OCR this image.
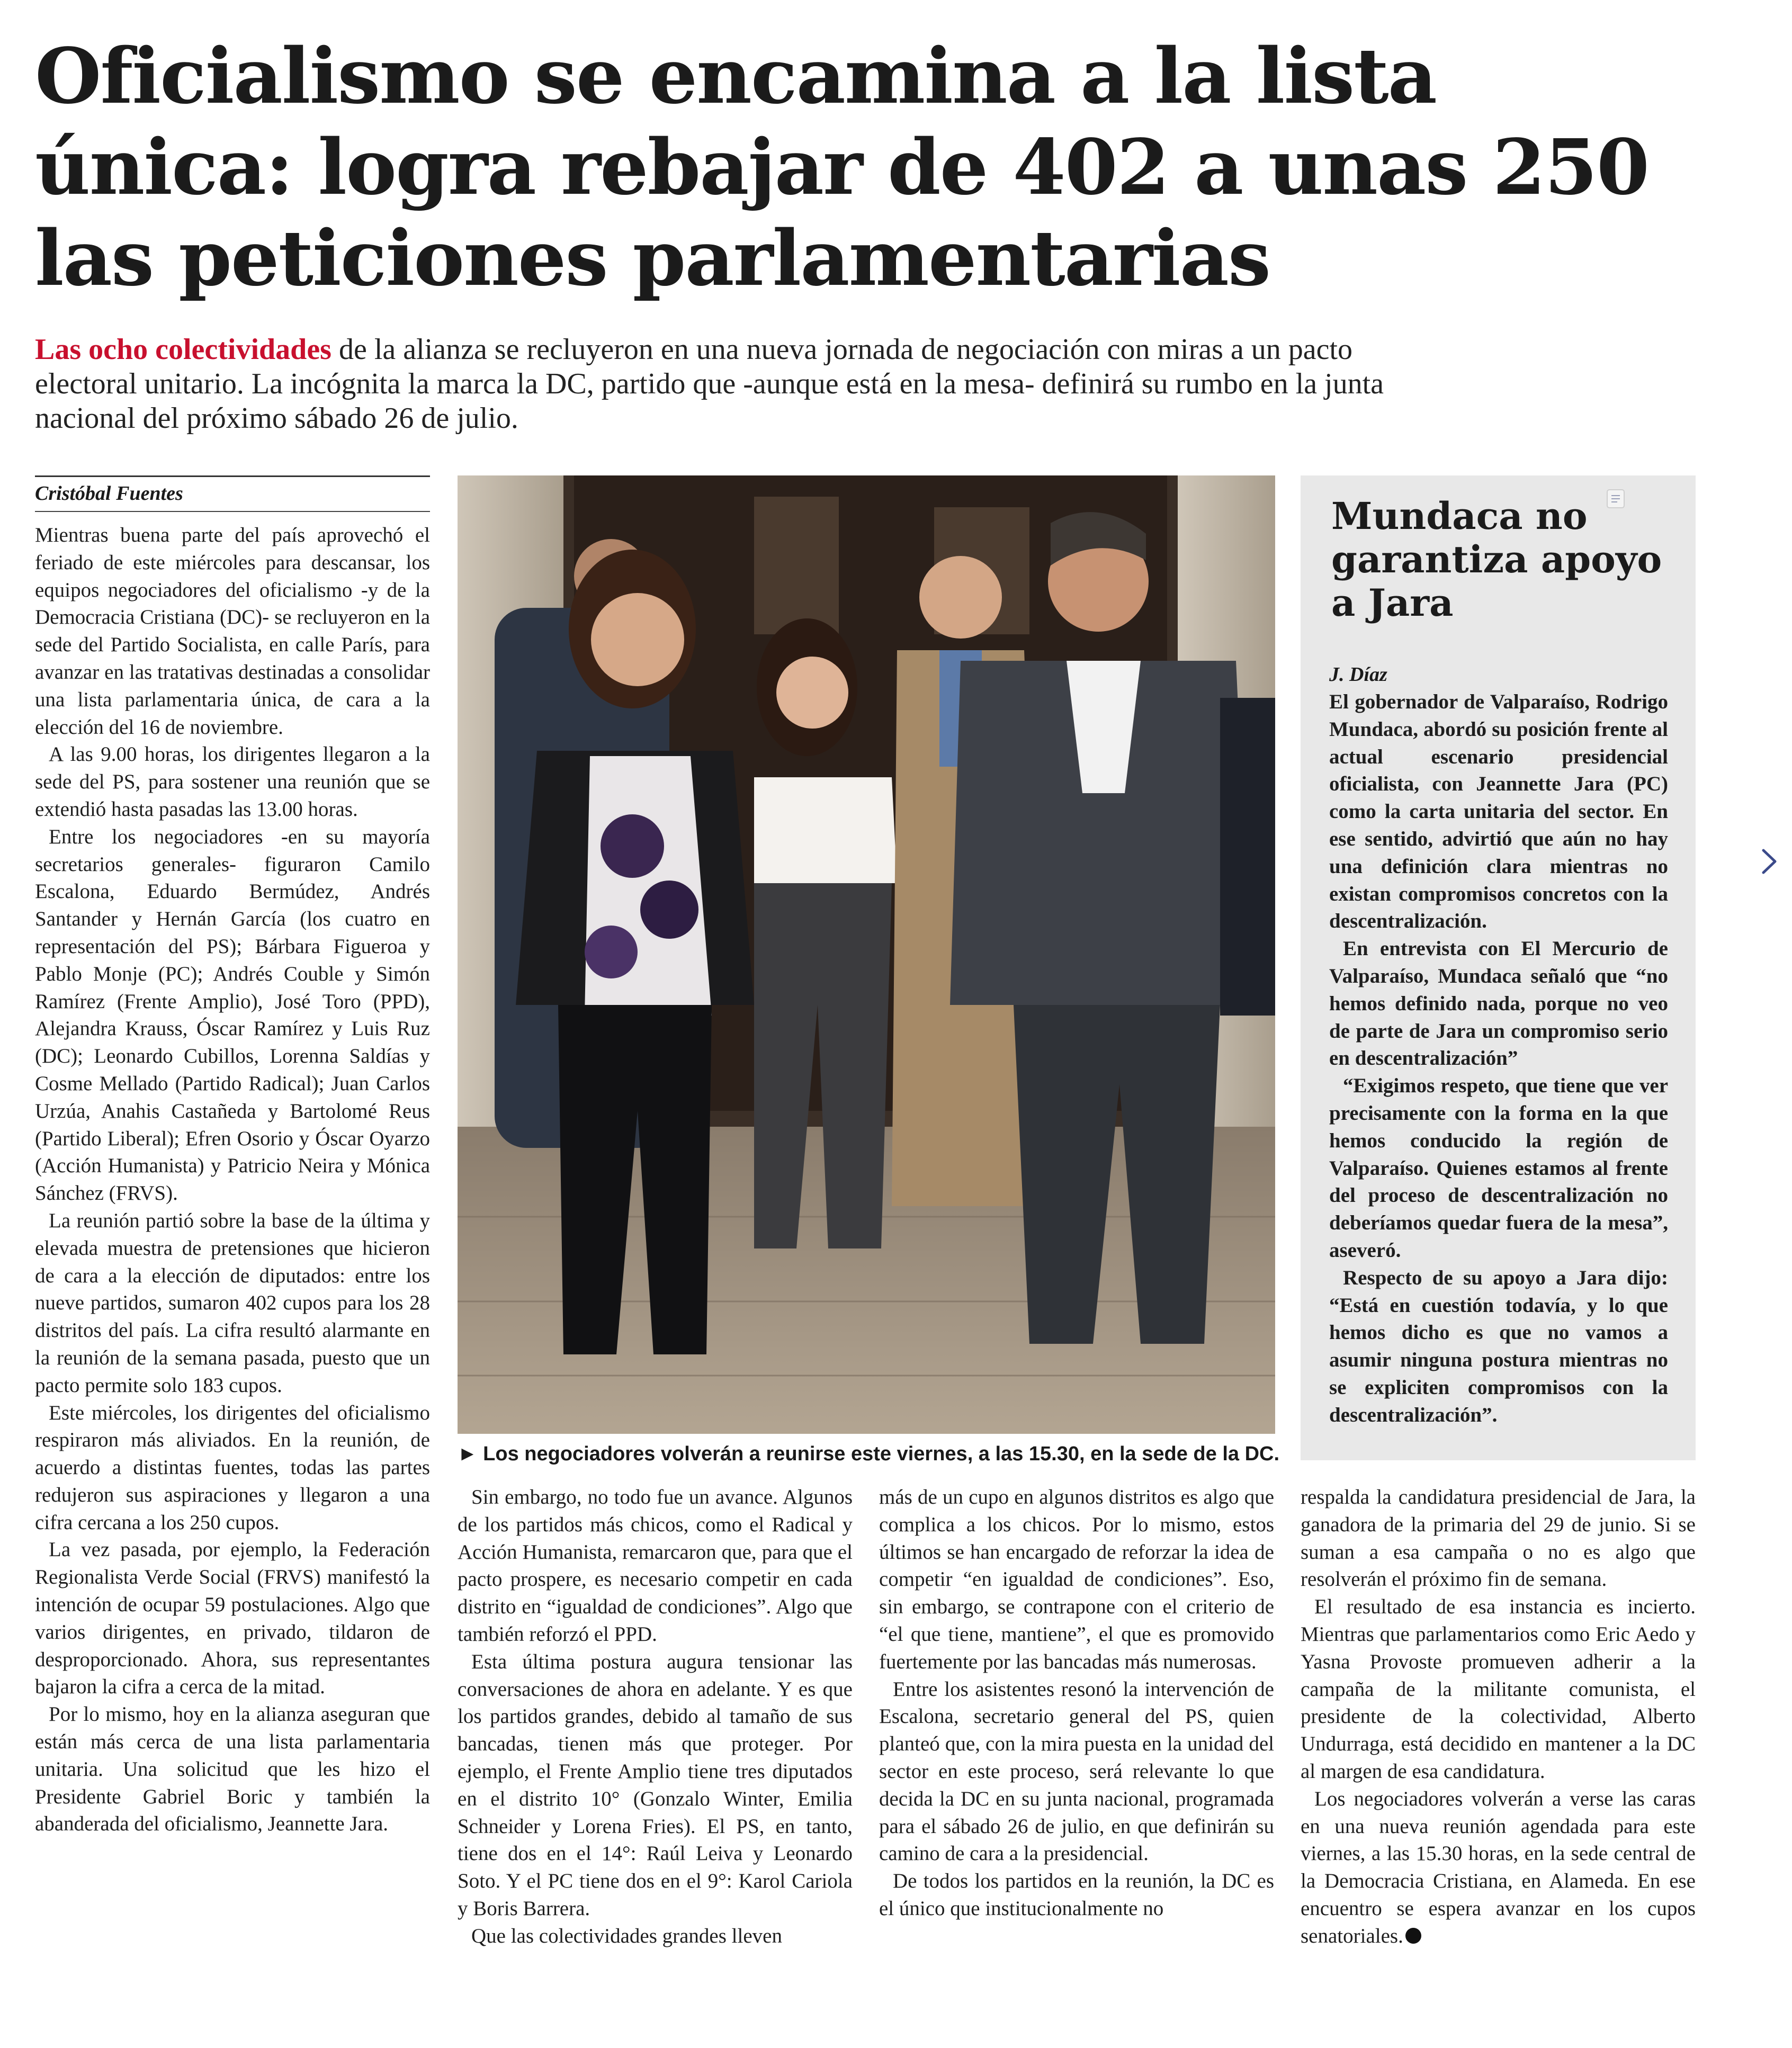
Oficialismo se encamina a la lista única: logra rebajar de 402 a unas 250 las peticiones parlamentarias

Las ocho colectividades de la alianza se recluyeron en una nueva jornada de negociación con miras a un pacto electoral unitario. La incógnita la marca la DC, partido que -aunque está en la mesa- definirá su rumbo en la junta nacional del próximo sábado 26 de julio.

Cristóbal Fuentes

Mientras buena parte del país aprovechó el feriado de este miércoles para descansar, los equipos negociadores del oficialismo -y de la Democracia Cristiana (DC)- se recluyeron en la sede del Partido Socialista, en calle París, para avanzar en las tratativas destinadas a consolidar una lista parlamentaria única, de cara a la elección del 16 de noviembre.

A las 9.00 horas, los dirigentes llegaron a la sede del PS, para sostener una reunión que se extendió hasta pasadas las 13.00 horas.

Entre los negociadores -en su mayoría secretarios generales- figuraron Camilo Escalona, Eduardo Bermúdez, Andrés Santander y Hernán García (los cuatro en representación del PS); Bárbara Figueroa y Pablo Monje (PC); Andrés Couble y Simón Ramírez (Frente Amplio), José Toro (PPD), Alejandra Krauss, Óscar Ramírez y Luis Ruz (DC); Leonardo Cubillos, Lorenna Saldías y Cosme Mellado (Partido Radical); Juan Carlos Urzúa, Anahis Castañeda y Bartolomé Reus (Partido Liberal); Efren Osorio y Óscar Oyarzo (Acción Humanista) y Patricio Neira y Mónica Sánchez (FRVS).

La reunión partió sobre la base de la última y elevada muestra de pretensiones que hicieron de cara a la elección de diputados: entre los nueve partidos, sumaron 402 cupos para los 28 distritos del país. La cifra resultó alarmante en la reunión de la semana pasada, puesto que un pacto permite solo 183 cupos.

Este miércoles, los dirigentes del oficialismo respiraron más aliviados. En la reunión, de acuerdo a distintas fuentes, todas las partes redujeron sus aspiraciones y llegaron a una cifra cercana a los 250 cupos.

La vez pasada, por ejemplo, la Federación Regionalista Verde Social (FRVS) manifestó la intención de ocupar 59 postulaciones. Algo que varios dirigentes, en privado, tildaron de desproporcionado. Ahora, sus representantes bajaron la cifra a cerca de la mitad.

Por lo mismo, hoy en la alianza aseguran que están más cerca de una lista parlamentaria unitaria. Una solicitud que les hizo el Presidente Gabriel Boric y también la abanderada del oficialismo, Jeannette Jara.

► Los negociadores volverán a reunirse este viernes, a las 15.30, en la sede de la DC.
Mundaca no garantiza apoyo a Jara
J. Díaz

El gobernador de Valparaíso, Rodrigo Mundaca, abordó su posición frente al actual escenario presidencial oficialista, con Jeannette Jara (PC) como la carta unitaria del sector. En ese sentido, advirtió que aún no hay una definición clara mientras no existan compromisos concretos con la descentralización.

En entrevista con El Mercurio de Valparaíso, Mundaca señaló que “no hemos definido nada, porque no veo de parte de Jara un compromiso serio en descentralización”

“Exigimos respeto, que tiene que ver precisamente con la forma en la que hemos conducido la región de Valparaíso. Quienes estamos al frente del proceso de descentralización no deberíamos quedar fuera de la mesa”, aseveró.

Respecto de su apoyo a Jara dijo: “Está en cuestión todavía, y lo que hemos dicho es que no vamos a asumir ninguna postura mientras no se expliciten compromisos con la descentralización”.

Sin embargo, no todo fue un avance. Algunos de los partidos más chicos, como el Radical y Acción Humanista, remarcaron que, para que el pacto prospere, es necesario competir en cada distrito en “igualdad de condiciones”. Algo que también reforzó el PPD.

Esta última postura augura tensionar las conversaciones de ahora en adelante. Y es que los partidos grandes, debido al tamaño de sus bancadas, tienen más que proteger. Por ejemplo, el Frente Amplio tiene tres diputados en el distrito 10° (Gonzalo Winter, Emilia Schneider y Lorena Fries). El PS, en tanto, tiene dos en el 14°: Raúl Leiva y Leonardo Soto. Y el PC tiene dos en el 9°: Karol Cariola y Boris Barrera.

Que las colectividades grandes lleven

más de un cupo en algunos distritos es algo que complica a los chicos. Por lo mismo, estos últimos se han encargado de reforzar la idea de competir “en igualdad de condiciones”. Eso, sin embargo, se contrapone con el criterio de “el que tiene, mantiene”, el que es promovido fuertemente por las bancadas más numerosas.

Entre los asistentes resonó la intervención de Escalona, secretario general del PS, quien planteó que, con la mira puesta en la unidad del sector en este proceso, será relevante lo que decida la DC en su junta nacional, programada para el sábado 26 de julio, en que definirán su camino de cara a la presidencial.

De todos los partidos en la reunión, la DC es el único que institucionalmente no

respalda la candidatura presidencial de Jara, la ganadora de la primaria del 29 de junio. Si se suman a esa campaña o no es algo que resolverán el próximo fin de semana.

El resultado de esa instancia es incierto. Mientras que parlamentarios como Eric Aedo y Yasna Provoste promueven adherir a la campaña de la militante comunista, el presidente de la colectividad, Alberto Undurraga, está decidido en mantener a la DC al margen de esa candidatura.

Los negociadores volverán a verse las caras en una nueva reunión agendada para este viernes, a las 15.30 horas, en la sede central de la Democracia Cristiana, en Alameda. En ese encuentro se espera avanzar en los cupos senatoriales.
